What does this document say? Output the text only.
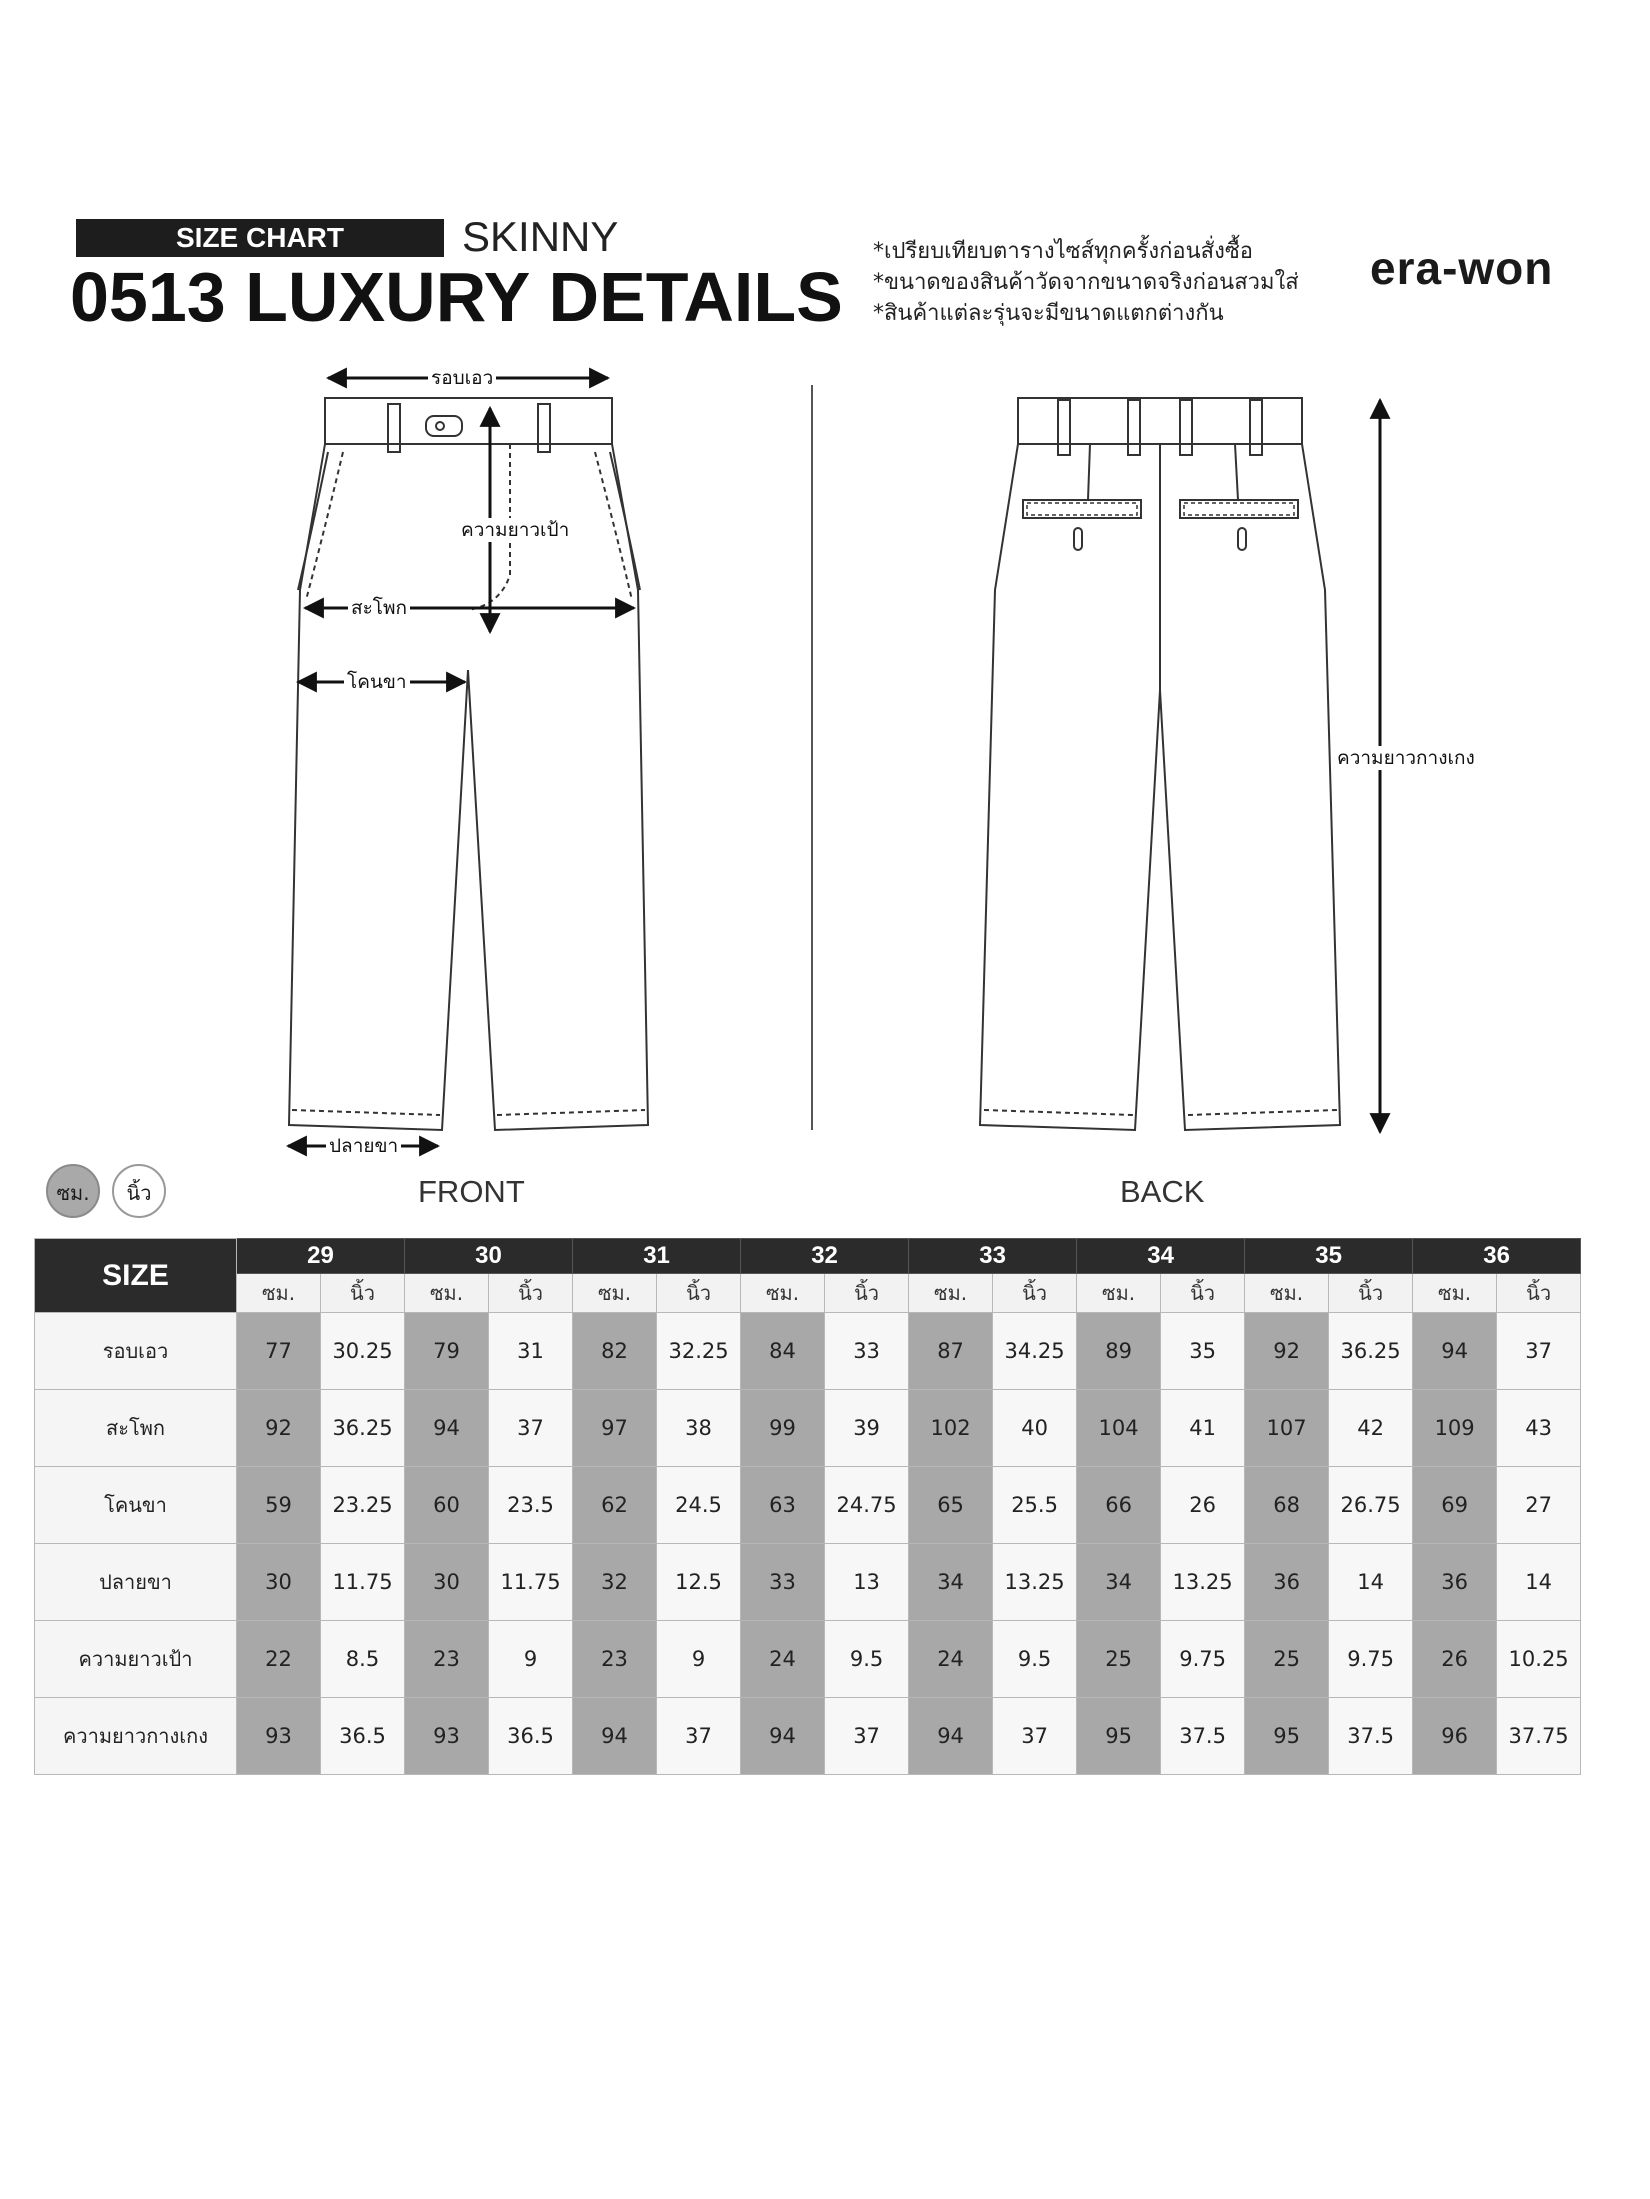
SIZE CHART	SKINNY
0513 LUXURY DETAILS
*เปรียบเทียบตารางไซส์ทุกครั้งก่อนสั่งซื้อ
*ขนาดของสินค้าวัดจากขนาดจริงก่อนสวมใส่
*สินค้าแต่ละรุ่นจะมีขนาดแตกต่างกัน
era-won
รอบเอว
ความยาวเป้า
สะโพก
โคนขา
ปลายขา
ความยาวกางเกง
FRONT	BACK
ซม.	นิ้ว
SIZE	29		30		31		32		33		34		35		36	
	ซม.	นิ้ว	ซม.	นิ้ว	ซม.	นิ้ว	ซม.	นิ้ว	ซม.	นิ้ว	ซม.	นิ้ว	ซม.	นิ้ว	ซม.	นิ้ว
รอบเอว	77	30.25	79	31	82	32.25	84	33	87	34.25	89	35	92	36.25	94	37
สะโพก	92	36.25	94	37	97	38	99	39	102	40	104	41	107	42	109	43
โคนขา	59	23.25	60	23.5	62	24.5	63	24.75	65	25.5	66	26	68	26.75	69	27
ปลายขา	30	11.75	30	11.75	32	12.5	33	13	34	13.25	34	13.25	36	14	36	14
ความยาวเป้า	22	8.5	23	9	23	9	24	9.5	24	9.5	25	9.75	25	9.75	26	10.25
ความยาวกางเกง	93	36.5	93	36.5	94	37	94	37	94	37	95	37.5	95	37.5	96	37.75
